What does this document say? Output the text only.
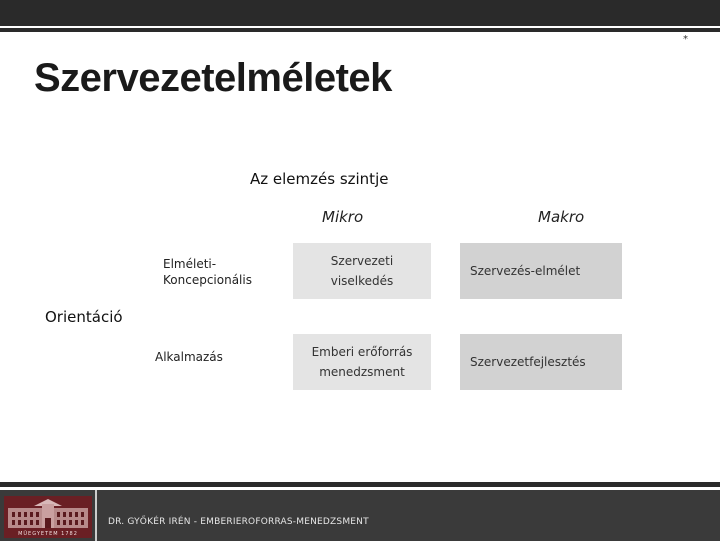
*
Szervezetelméletek
Az elemzés szintje
Mikro	Makro
Elméleti-
Koncepcionális
Orientáció
Alkalmazás
Szervezeti
viselkedés
Szervezés-elmélet
Emberi erőforrás
menedzsment
Szervezetfejlesztés
MŰEGYETEM 1782
DR. GYŐKÉR IRÉN - EMBERIEROFORRAS-MENEDZSMENT
